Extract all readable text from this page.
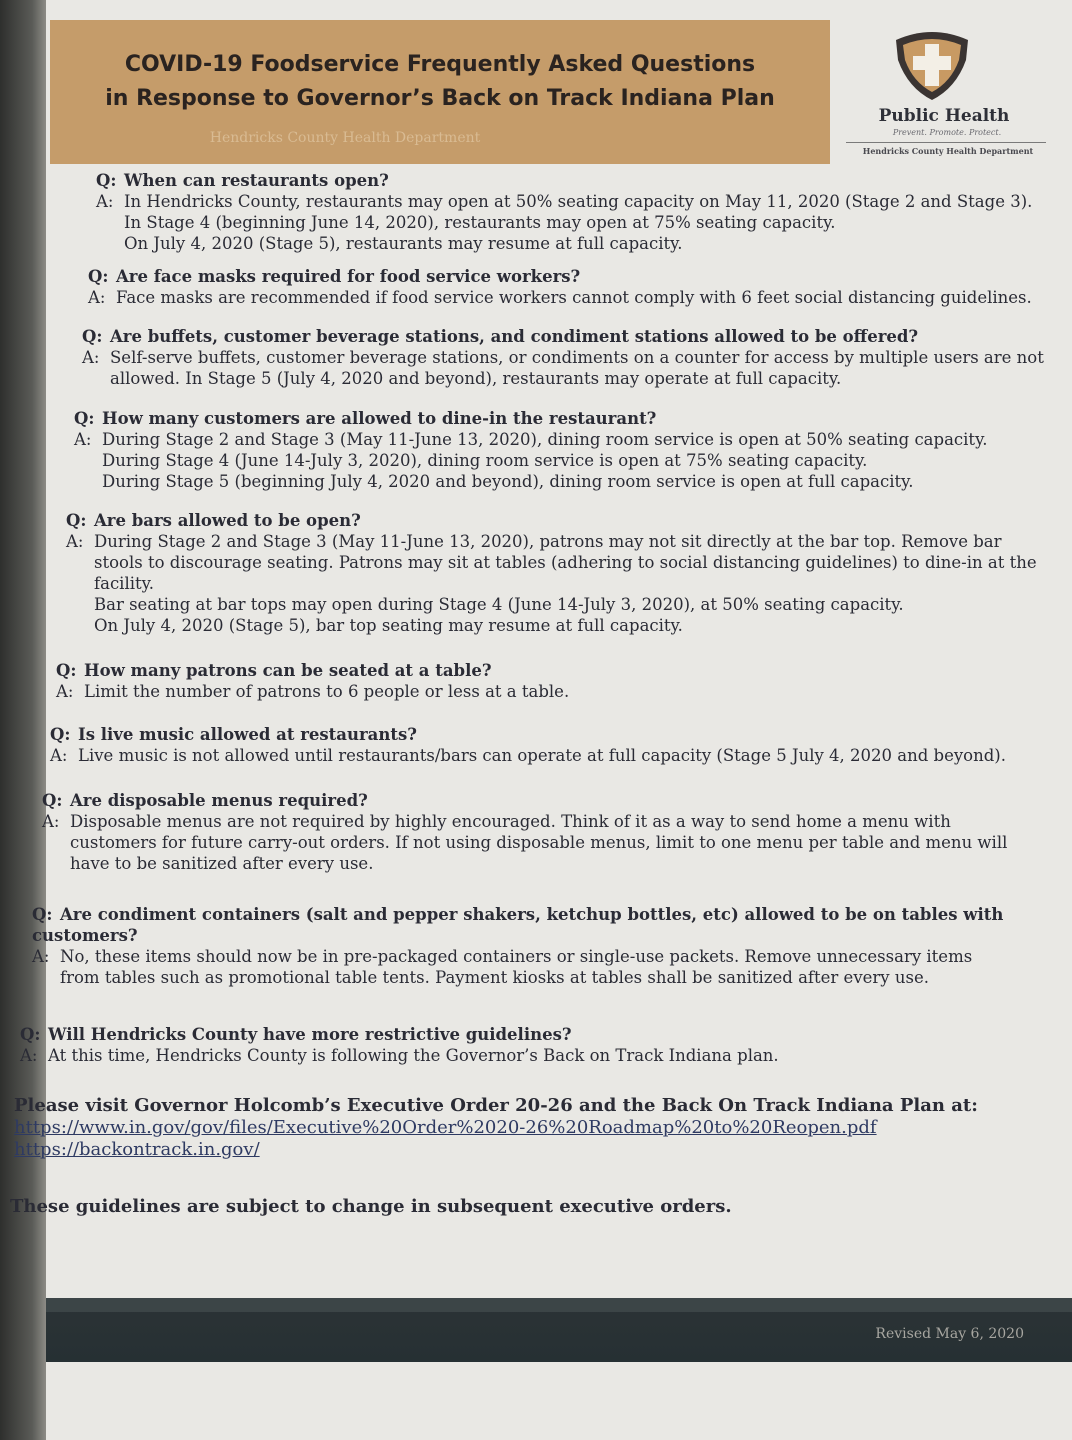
COVID-19 Foodservice Frequently Asked Questions
in Response to Governor’s Back on Track Indiana Plan
Hendricks County Health Department
Public Health
Prevent. Promote. Protect.
Hendricks County Health Department
Q: When can restaurants open?
A: In Hendricks County, restaurants may open at 50% seating capacity on May 11, 2020 (Stage 2 and Stage 3).
In Stage 4 (beginning June 14, 2020), restaurants may open at 75% seating capacity.
On July 4, 2020 (Stage 5), restaurants may resume at full capacity.
Q: Are face masks required for food service workers?
A: Face masks are recommended if food service workers cannot comply with 6 feet social distancing guidelines.
Q: Are buffets, customer beverage stations, and condiment stations allowed to be offered?
A: Self-serve buffets, customer beverage stations, or condiments on a counter for access by multiple users are not
allowed. In Stage 5 (July 4, 2020 and beyond), restaurants may operate at full capacity.
Q: How many customers are allowed to dine-in the restaurant?
A: During Stage 2 and Stage 3 (May 11-June 13, 2020), dining room service is open at 50% seating capacity.
During Stage 4 (June 14-July 3, 2020), dining room service is open at 75% seating capacity.
During Stage 5 (beginning July 4, 2020 and beyond), dining room service is open at full capacity.
Q: Are bars allowed to be open?
A: During Stage 2 and Stage 3 (May 11-June 13, 2020), patrons may not sit directly at the bar top. Remove bar
stools to discourage seating. Patrons may sit at tables (adhering to social distancing guidelines) to dine-in at the
facility.
Bar seating at bar tops may open during Stage 4 (June 14-July 3, 2020), at 50% seating capacity.
On July 4, 2020 (Stage 5), bar top seating may resume at full capacity.
Q: How many patrons can be seated at a table?
A: Limit the number of patrons to 6 people or less at a table.
Q: Is live music allowed at restaurants?
A: Live music is not allowed until restaurants/bars can operate at full capacity (Stage 5 July 4, 2020 and beyond).
Q: Are disposable menus required?
A: Disposable menus are not required by highly encouraged. Think of it as a way to send home a menu with
customers for future carry-out orders. If not using disposable menus, limit to one menu per table and menu will
have to be sanitized after every use.
Q: Are condiment containers (salt and pepper shakers, ketchup bottles, etc) allowed to be on tables with customers?
A: No, these items should now be in pre-packaged containers or single-use packets. Remove unnecessary items
from tables such as promotional table tents. Payment kiosks at tables shall be sanitized after every use.
Q: Will Hendricks County have more restrictive guidelines?
A: At this time, Hendricks County is following the Governor’s Back on Track Indiana plan.
Please visit Governor Holcomb’s Executive Order 20-26 and the Back On Track Indiana Plan at:
https://www.in.gov/gov/files/Executive%20Order%2020-26%20Roadmap%20to%20Reopen.pdf
https://backontrack.in.gov/
These guidelines are subject to change in subsequent executive orders.
Revised May 6, 2020
